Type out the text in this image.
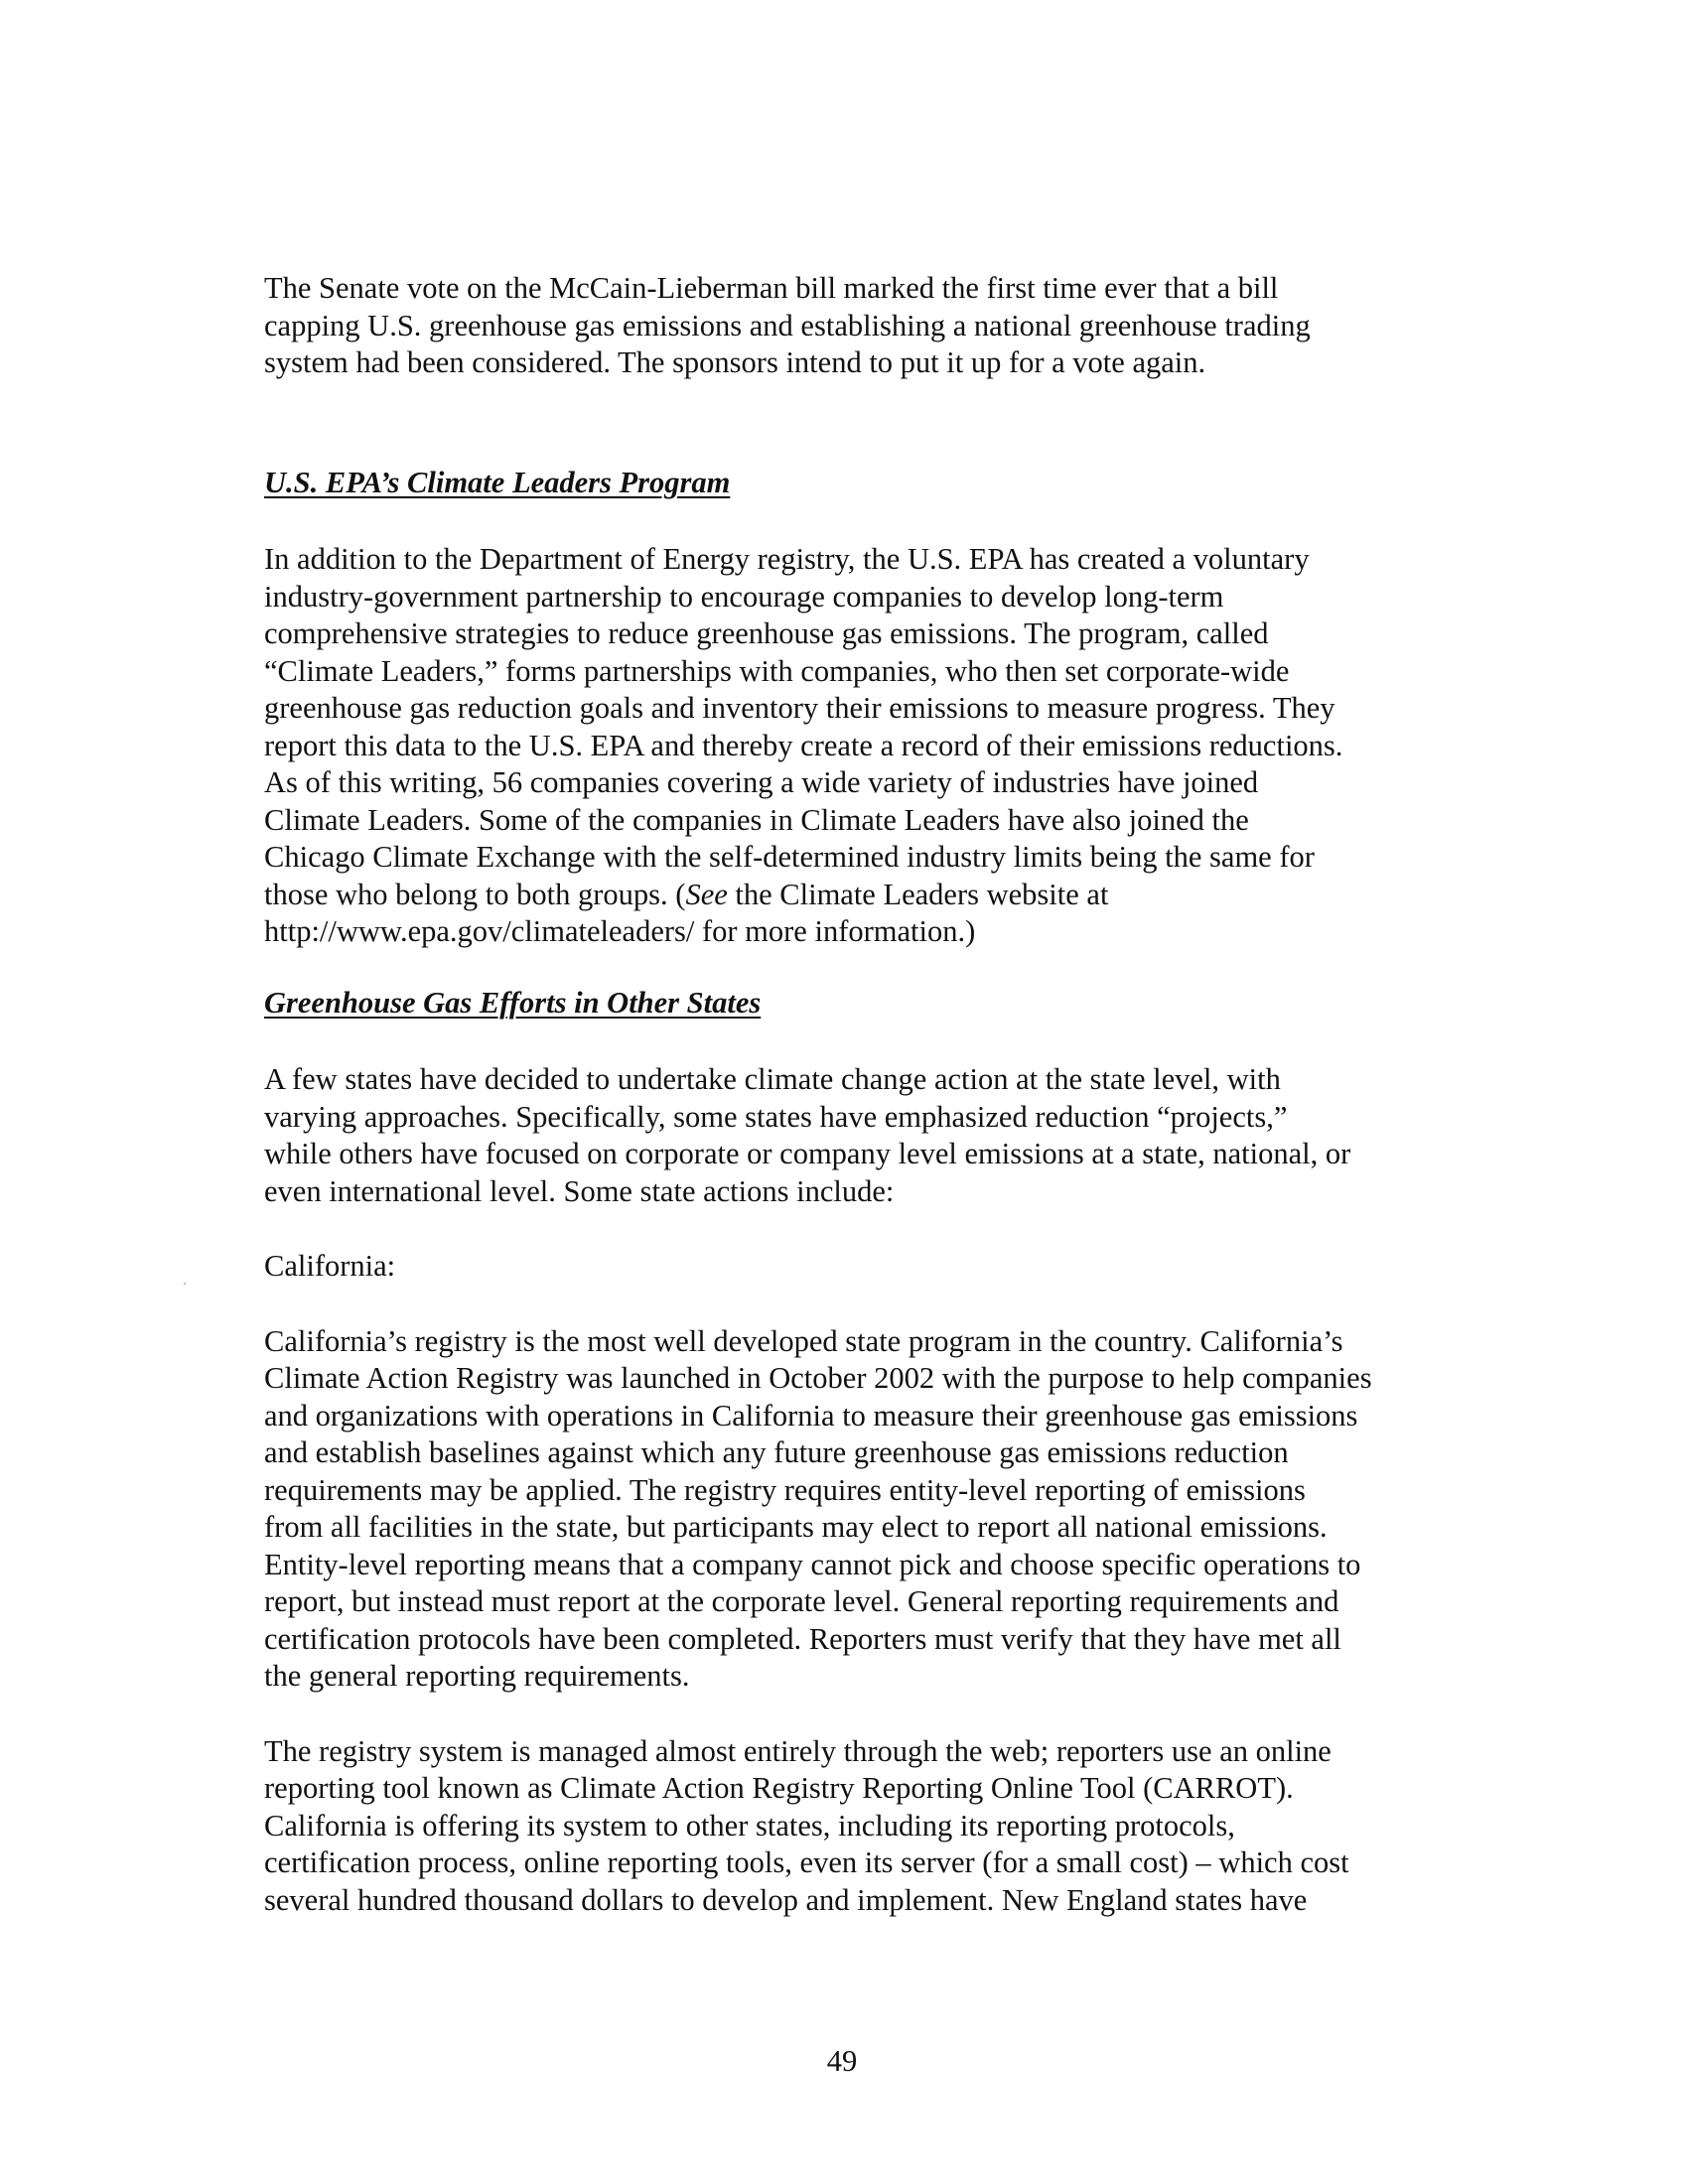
The Senate vote on the McCain-Lieberman bill marked the first time ever that a bill
capping U.S. greenhouse gas emissions and establishing a national greenhouse trading
system had been considered. The sponsors intend to put it up for a vote again.

U.S. EPA’s Climate Leaders Program

In addition to the Department of Energy registry, the U.S. EPA has created a voluntary
industry-government partnership to encourage companies to develop long-term
comprehensive strategies to reduce greenhouse gas emissions. The program, called
“Climate Leaders,” forms partnerships with companies, who then set corporate-wide
greenhouse gas reduction goals and inventory their emissions to measure progress. They
report this data to the U.S. EPA and thereby create a record of their emissions reductions.
As of this writing, 56 companies covering a wide variety of industries have joined
Climate Leaders. Some of the companies in Climate Leaders have also joined the
Chicago Climate Exchange with the self-determined industry limits being the same for
those who belong to both groups. (See the Climate Leaders website at
http://www.epa.gov/climateleaders/ for more information.)

Greenhouse Gas Efforts in Other States

A few states have decided to undertake climate change action at the state level, with
varying approaches. Specifically, some states have emphasized reduction “projects,”
while others have focused on corporate or company level emissions at a state, national, or
even international level. Some state actions include:

California:

California’s registry is the most well developed state program in the country. California’s
Climate Action Registry was launched in October 2002 with the purpose to help companies
and organizations with operations in California to measure their greenhouse gas emissions
and establish baselines against which any future greenhouse gas emissions reduction
requirements may be applied. The registry requires entity-level reporting of emissions
from all facilities in the state, but participants may elect to report all national emissions.
Entity-level reporting means that a company cannot pick and choose specific operations to
report, but instead must report at the corporate level. General reporting requirements and
certification protocols have been completed. Reporters must verify that they have met all
the general reporting requirements.

The registry system is managed almost entirely through the web; reporters use an online
reporting tool known as Climate Action Registry Reporting Online Tool (CARROT).
California is offering its system to other states, including its reporting protocols,
certification process, online reporting tools, even its server (for a small cost) – which cost
several hundred thousand dollars to develop and implement. New England states have

49
